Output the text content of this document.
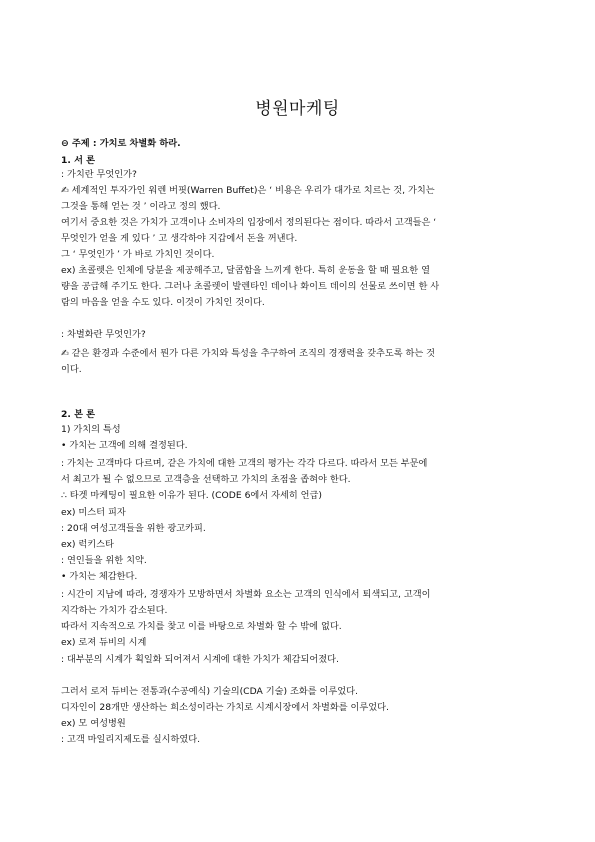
병원마케팅
⊖ 주제 : 가치로 차별화 하라.
1. 서 론
: 가치란 무엇인가?
✍ 세계적인 투자가인 워렌 버핏(Warren Buffet)은 ‘ 비용은 우리가 대가로 치르는 것, 가치는
그것을 통해 얻는 것 ’ 이라고 정의 했다.
여기서 중요한 것은 가치가 고객이나 소비자의 입장에서 정의된다는 점이다. 따라서 고객들은 ‘
무엇인가 얻을 게 있다 ’ 고 생각하야 지갑에서 돈을 꺼낸다.
그 ‘ 무엇인가 ’ 가 바로 가치인 것이다.
ex) 초콜렛은 인체에 당분을 제공해주고, 달콤함을 느끼게 한다. 특히 운동을 할 때 필요한 열
량을 공급해 주기도 한다. 그러나 초콜렛이 발렌타인 데이나 화이트 데이의 선물로 쓰이면 한 사
람의 마음을 얻을 수도 있다. 이것이 가치인 것이다.
: 차별화란 무엇인가?
✍ 같은 환경과 수준에서 뭔가 다른 가치와 특성을 추구하여 조직의 경쟁력을 갖추도록 하는 것
이다.
2. 본 론
1) 가치의 특성
• 가치는 고객에 의해 결정된다.
: 가치는 고객마다 다르며, 같은 가치에 대한 고객의 평가는 각각 다르다. 따라서 모든 부문에
서 최고가 될 수 없으므로 고객층을 선택하고 가치의 초점을 좁혀야 한다.
∴ 타겟 마케팅이 필요한 이유가 된다. (CODE 6에서 자세히 언급)
ex) 미스터 피자
: 20대 여성고객들을 위한 광고카피.
ex) 럭키스타
: 연인들을 위한 치약.
• 가치는 체감한다.
: 시간이 지남에 따라, 경쟁자가 모방하면서 차별화 요소는 고객의 인식에서 퇴색되고, 고객이
지각하는 가치가 감소된다.
따라서 지속적으로 가치를 찾고 이를 바탕으로 차별화 할 수 밖에 없다.
ex) 로져 듀비의 시계
: 대부분의 시계가 획일화 되어져서 시계에 대한 가치가 체감되어졌다.
그러서 로저 듀비는 전통과(수공예식) 기술의(CDA 기술) 조화를 이루었다.
디자인이 28개만 생산하는 희소성이라는 가치로 시계시장에서 차별화를 이루었다.
ex) 모 여성병원
: 고객 마일리지제도를 실시하였다.
